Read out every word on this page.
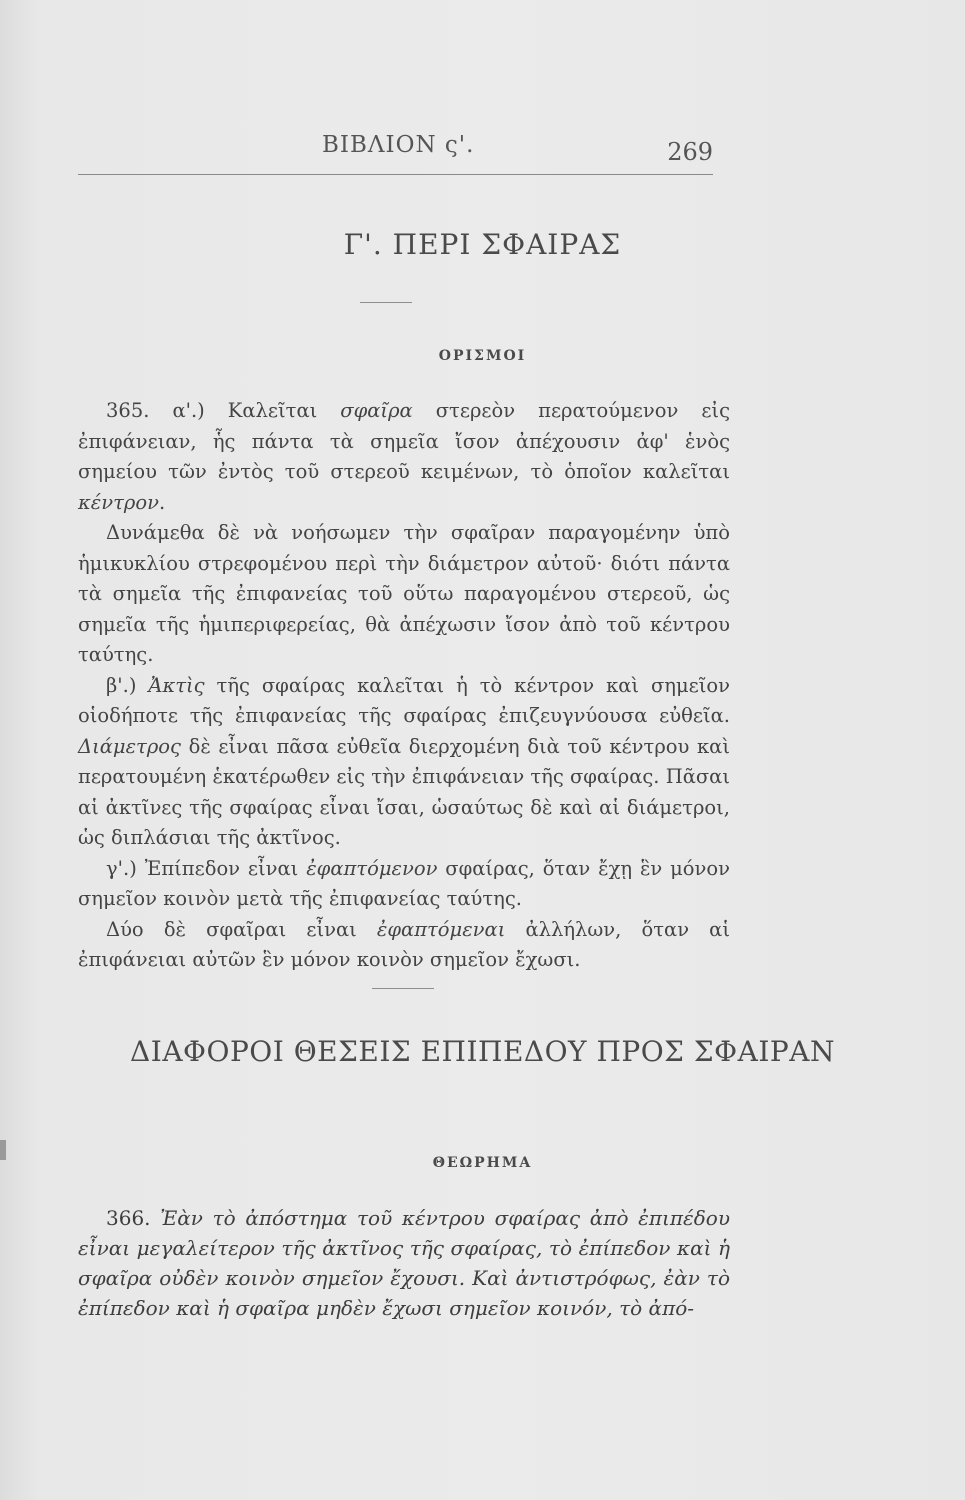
ΒΙΒΛΙΟΝ ς'.	269
Γ'. ΠΕΡΙ ΣΦΑΙΡΑΣ
ΟΡΙΣΜΟΙ

365. α'.) Καλεῖται σφαῖρα στερεὸν περατούμενον εἰς ἐπιφάνειαν, ἧς πάντα τὰ σημεῖα ἴσον ἀπέχουσιν ἀφ' ἑνὸς σημείου τῶν ἐντὸς τοῦ στερεοῦ κειμένων, τὸ ὁποῖον καλεῖται κέντρον.

Δυνάμεθα δὲ νὰ νοήσωμεν τὴν σφαῖραν παραγομένην ὑπὸ ἡμικυκλίου στρεφομένου περὶ τὴν διάμετρον αὐτοῦ· διότι πάντα τὰ σημεῖα τῆς ἐπιφανείας τοῦ οὕτω παραγομένου στερεοῦ, ὡς σημεῖα τῆς ἡμιπεριφερείας, θὰ ἀπέχωσιν ἴσον ἀπὸ τοῦ κέντρου ταύτης.

β'.) Ἀκτὶς τῆς σφαίρας καλεῖται ἡ τὸ κέντρον καὶ σημεῖον οἱοδήποτε τῆς ἐπιφανείας τῆς σφαίρας ἐπιζευγνύουσα εὐθεῖα. Διάμετρος δὲ εἶναι πᾶσα εὐθεῖα διερχομένη διὰ τοῦ κέντρου καὶ περατουμένη ἑκατέρωθεν εἰς τὴν ἐπιφάνειαν τῆς σφαίρας. Πᾶσαι αἱ ἀκτῖνες τῆς σφαίρας εἶναι ἴσαι, ὡσαύτως δὲ καὶ αἱ διάμετροι, ὡς διπλάσιαι τῆς ἀκτῖνος.

γ'.) Ἐπίπεδον εἶναι ἐφαπτόμενον σφαίρας, ὅταν ἔχῃ ἓν μόνον σημεῖον κοινὸν μετὰ τῆς ἐπιφανείας ταύτης.

Δύο δὲ σφαῖραι εἶναι ἐφαπτόμεναι ἀλλήλων, ὅταν αἱ ἐπιφάνειαι αὐτῶν ἓν μόνον κοινὸν σημεῖον ἔχωσι.

ΔΙΑΦΟΡΟΙ ΘΕΣΕΙΣ ΕΠΙΠΕΔΟΥ ΠΡΟΣ ΣΦΑΙΡΑΝ
ΘΕΩΡΗΜΑ

366. Ἐὰν τὸ ἀπόστημα τοῦ κέντρου σφαίρας ἀπὸ ἐπιπέδου εἶναι μεγαλείτερον τῆς ἀκτῖνος τῆς σφαίρας, τὸ ἐπίπεδον καὶ ἡ σφαῖρα οὐδὲν κοινὸν σημεῖον ἔχουσι. Καὶ ἀντιστρόφως, ἐὰν τὸ ἐπίπεδον καὶ ἡ σφαῖρα μηδὲν ἔχωσι σημεῖον κοινόν, τὸ ἀπό-
